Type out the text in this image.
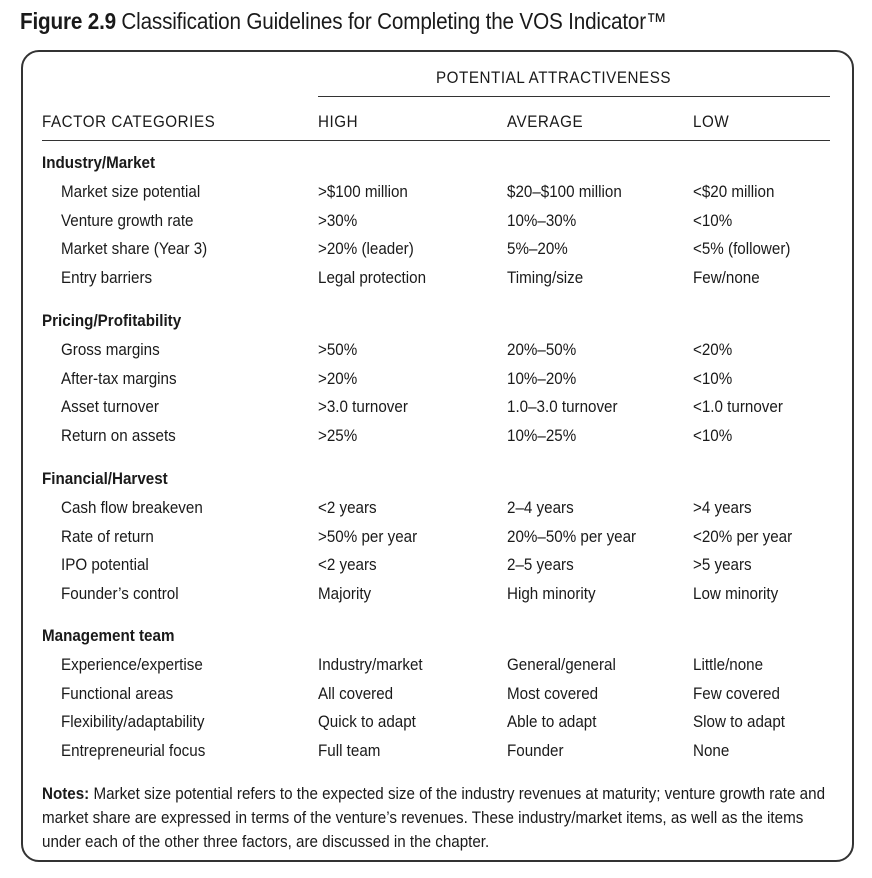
Figure 2.9 Classification Guidelines for Completing the VOS Indicator™
POTENTIAL ATTRACTIVENESS
FACTOR CATEGORIES	HIGH	AVERAGE	LOW
Industry/Market
Market size potential	>$100 million	$20–$100 million	<$20 million
Venture growth rate	>30%	10%–30%	<10%
Market share (Year 3)	>20% (leader)	5%–20%	<5% (follower)
Entry barriers	Legal protection	Timing/size	Few/none
Pricing/Profitability
Gross margins	>50%	20%–50%	<20%
After-tax margins	>20%	10%–20%	<10%
Asset turnover	>3.0 turnover	1.0–3.0 turnover	<1.0 turnover
Return on assets	>25%	10%–25%	<10%
Financial/Harvest
Cash flow breakeven	<2 years	2–4 years	>4 years
Rate of return	>50% per year	20%–50% per year	<20% per year
IPO potential	<2 years	2–5 years	>5 years
Founder’s control	Majority	High minority	Low minority
Management team
Experience/expertise	Industry/market	General/general	Little/none
Functional areas	All covered	Most covered	Few covered
Flexibility/adaptability	Quick to adapt	Able to adapt	Slow to adapt
Entrepreneurial focus	Full team	Founder	None
Notes: Market size potential refers to the expected size of the industry revenues at maturity; venture growth rate and market share are expressed in terms of the venture’s revenues. These industry/market items, as well as the items under each of the other three factors, are discussed in the chapter.
